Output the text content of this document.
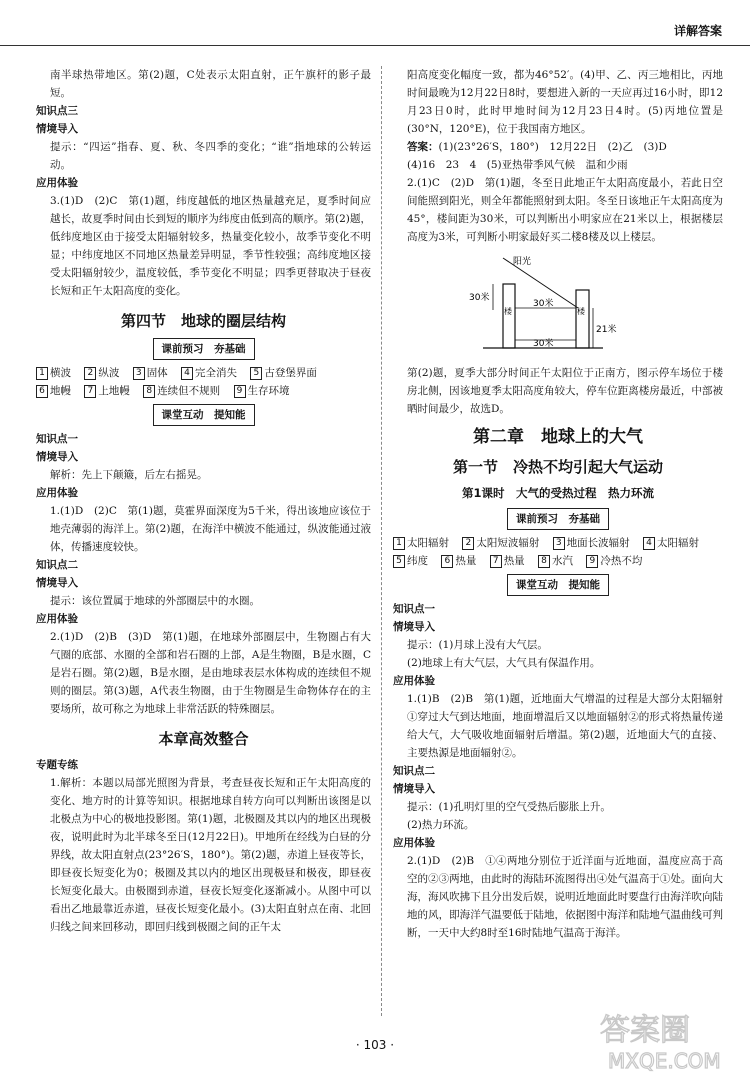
详解答案

南半球热带地区。第(2)题，C处表示太阳直射，正午旗杆的影子最短。

知识点三

情境导入

提示：“四运”指春、夏、秋、冬四季的变化；“谁”指地球的公转运动。

应用体验

3.(1)D　(2)C　第(1)题，纬度越低的地区热量越充足，夏季时间应越长，故夏季时间由长到短的顺序为纬度由低到高的顺序。第(2)题，低纬度地区由于接受太阳辐射较多，热量变化较小，故季节变化不明显；中纬度地区不同地区热量差异明显，季节性较强；高纬度地区接受太阳辐射较少，温度较低，季节变化不明显；四季更替取决于昼夜长短和正午太阳高度的变化。

第四节　地球的圈层结构
课前预习　夯基础
1 横波 2 纵波 3 固体 4 完全消失 5 古登堡界面
6 地幔 7 上地幔 8 连续但不规则 9 生存环境
课堂互动　提知能

知识点一

情境导入

解析：先上下颠簸，后左右摇晃。

应用体验

1.(1)D　(2)C　第(1)题，莫霍界面深度为5千米，得出该地应该位于地壳薄弱的海洋上。第(2)题，在海洋中横波不能通过，纵波能通过液体，传播速度较快。

知识点二

情境导入

提示：该位置属于地球的外部圈层中的水圈。

应用体验

2.(1)D　(2)B　(3)D　第(1)题，在地球外部圈层中，生物圈占有大气圈的底部、水圈的全部和岩石圈的上部，A是生物圈，B是水圈，C是岩石圈。第(2)题，B是水圈，是由地球表层水体构成的连续但不规则的圈层。第(3)题，A代表生物圈，由于生物圈是生命物体存在的主要场所，故可称之为地球上非常活跃的特殊圈层。

本章高效整合

专题专练

1.解析：本题以局部光照图为背景，考查昼夜长短和正午太阳高度的变化、地方时的计算等知识。根据地球自转方向可以判断出该图是以北极点为中心的极地投影图。第(1)题，北极圈及其以内的地区出现极夜，说明此时为北半球冬至日(12月22日)。甲地所在经线为白昼的分界线，故太阳直射点(23°26′S，180°)。第(2)题，赤道上昼夜等长，即昼夜长短变化为0；极圈及其以内的地区出现极昼和极夜，即昼夜长短变化最大。由极圈到赤道，昼夜长短变化逐渐减小。从图中可以看出乙地最靠近赤道，昼夜长短变化最小。(3)太阳直射点在南、北回归线之间来回移动，即回归线到极圈之间的正午太

阳高度变化幅度一致，都为46°52′。(4)甲、乙、丙三地相比，丙地时间最晚为12月22日8时，要想进入新的一天应再过16小时，即12月23日0时，此时甲地时间为12月23日4时。(5)丙地位置是(30°N，120°E)，位于我国南方地区。

答案：(1)(23°26′S，180°)　12月22日　(2)乙　(3)D

(4)16　23　4　(5)亚热带季风气候　温和少雨

2.(1)C　(2)D　第(1)题，冬至日此地正午太阳高度最小，若此日空间能照到阳光，则全年都能照射到太阳。冬至日该地正午太阳高度为45°，楼间距为30米，可以判断出小明家应在21米以上，根据楼层高度为3米，可判断小明家最好买二楼8楼及以上楼层。

阳光
30米
30米
30米
21米
楼	楼

第(2)题，夏季大部分时间正午太阳位于正南方，图示停车场位于楼房北侧，因该地夏季太阳高度角较大，停车位距离楼房最近，中部被晒时间最少，故选D。

第二章　地球上的大气
第一节　冷热不均引起大气运动
第1课时　大气的受热过程　热力环流
课前预习　夯基础
1 太阳辐射 2 太阳短波辐射 3 地面长波辐射 4 太阳辐射
5 纬度 6 热量 7 热量 8 水汽 9 冷热不均
课堂互动　提知能

知识点一

情境导入

提示：(1)月球上没有大气层。

(2)地球上有大气层，大气具有保温作用。

应用体验

1.(1)B　(2)B　第(1)题，近地面大气增温的过程是大部分太阳辐射①穿过大气到达地面，地面增温后又以地面辐射②的形式将热量传递给大气，大气吸收地面辐射后增温。第(2)题，近地面大气的直接、主要热源是地面辐射②。

知识点二

情境导入

提示：(1)孔明灯里的空气受热后膨胀上升。

(2)热力环流。

应用体验

2.(1)D　(2)B　①④两地分别位于近洋面与近地面，温度应高于高空的②③两地，由此时的海陆环流图得出④处气温高于①处。面向大海，海风吹拂下且分出发后娱，说明近地面此时要盘行由海洋吹向陆地的风，即海洋气温要低于陆地，依据图中海洋和陆地气温曲线可判断，一天中大约8时至16时陆地气温高于海洋。

· 103 ·	答案圈
MXQE.COM
